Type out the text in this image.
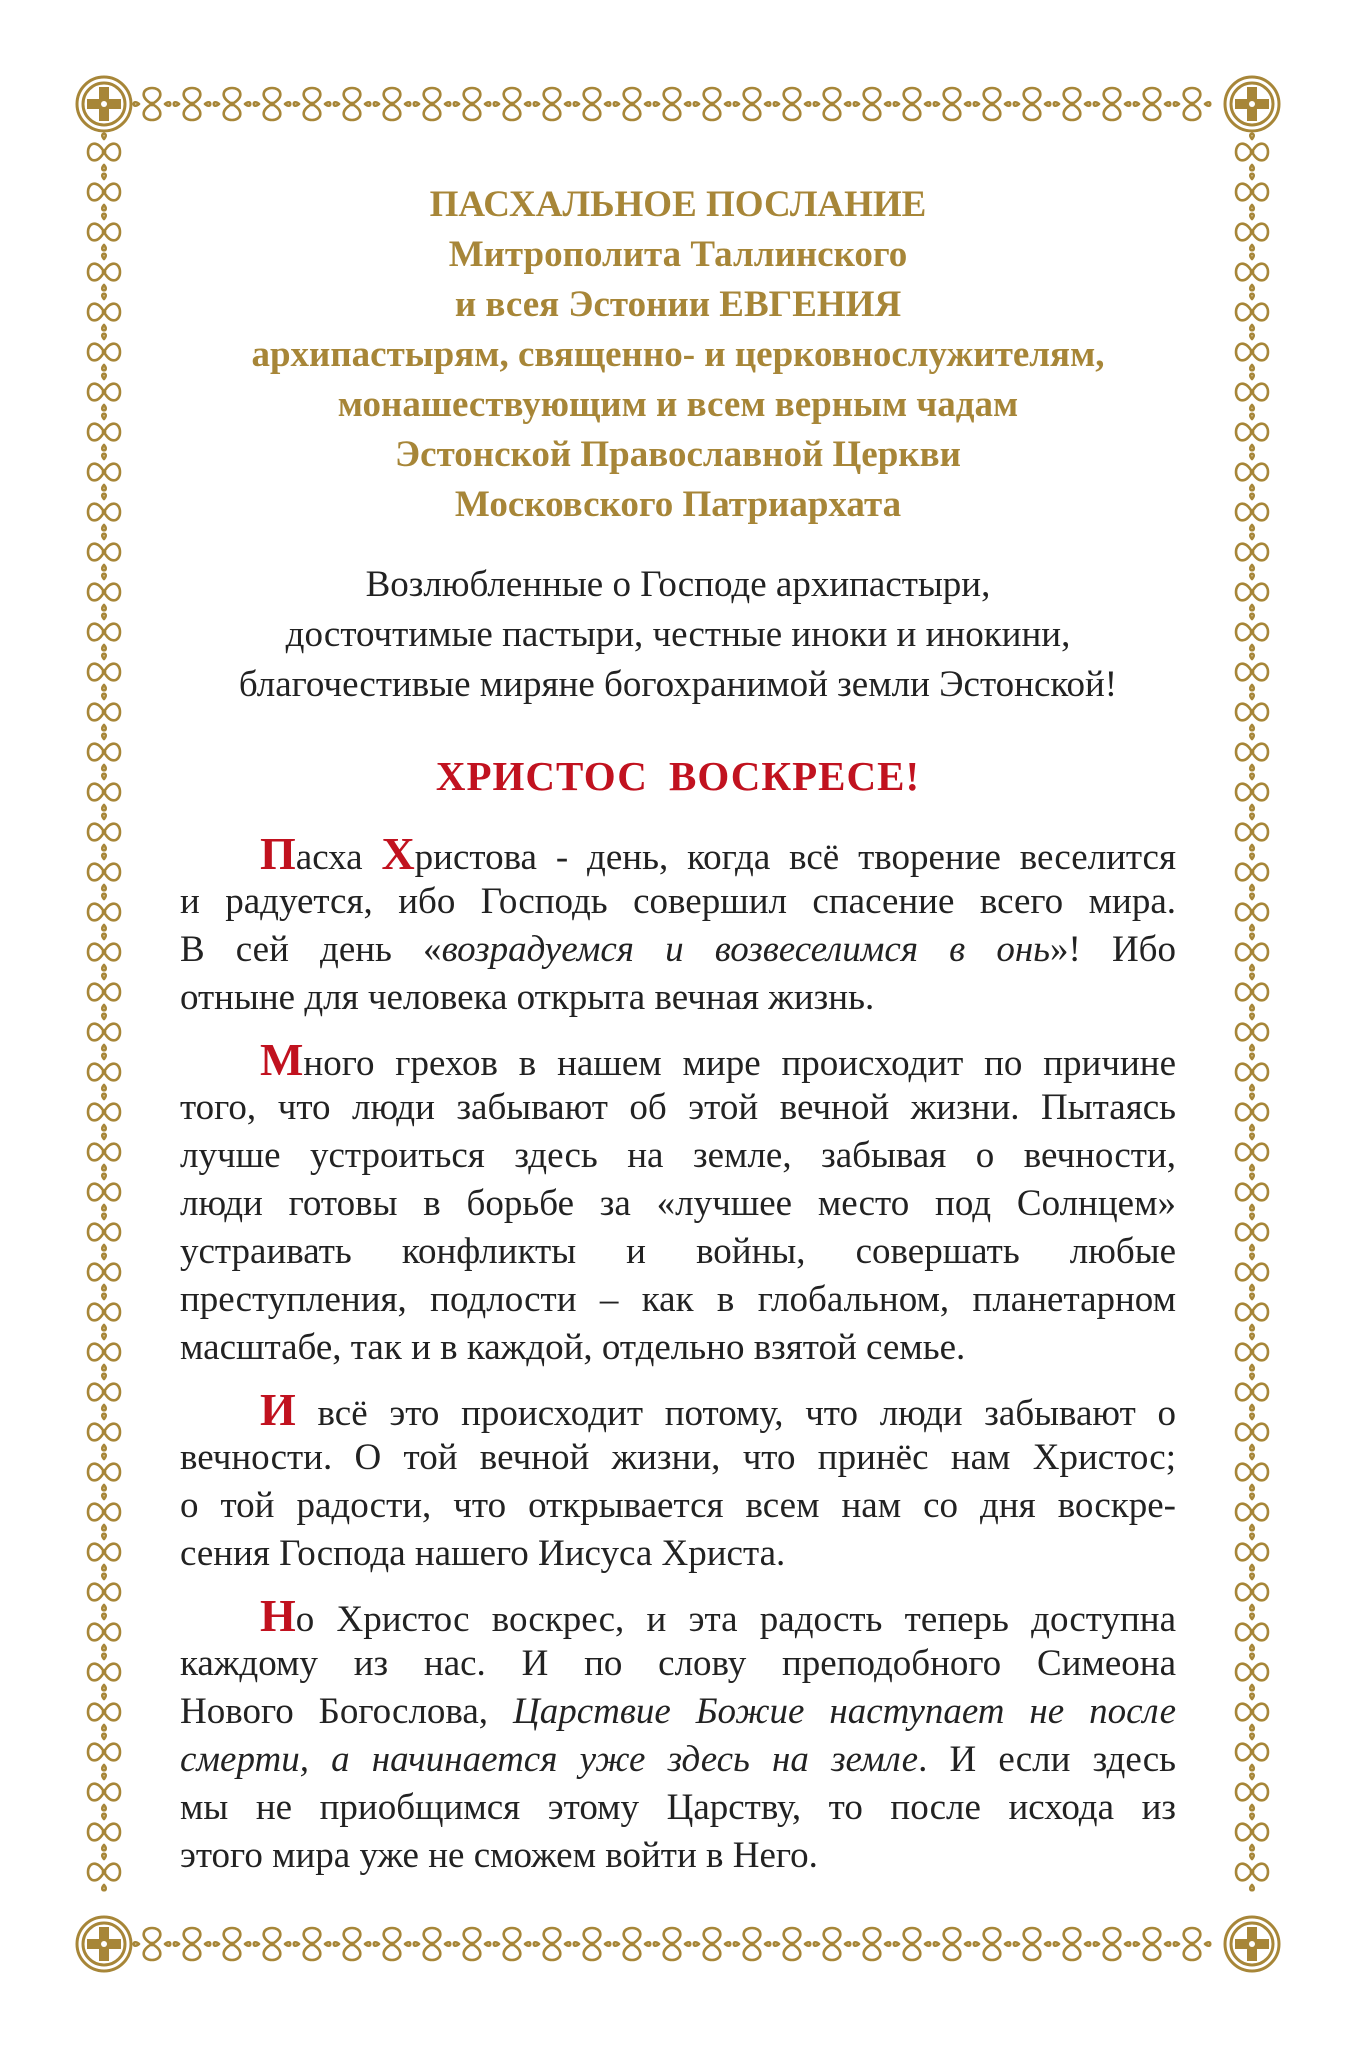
ПАСХАЛЬНОЕ ПОСЛАНИЕ
Митрополита Таллинского
и всея Эстонии ЕВГЕНИЯ
архипастырям, священно- и церковнослужителям,
монашествующим и всем верным чадам
Эстонской Православной Церкви
Московского Патриархата
Возлюбленные о Господе архипастыри,
досточтимые пастыри, честные иноки и инокини,
благочестивые миряне богохранимой земли Эстонской!
ХРИСТОС ВОСКРЕСЕ!
Пасха Христова - день, когда всё творение веселится
и радуется, ибо Господь совершил спасение всего мира.
В сей день «возрадуемся и возвеселимся в онь»! Ибо
отныне для человека открыта вечная жизнь.
Много грехов в нашем мире происходит по причине
того, что люди забывают об этой вечной жизни. Пытаясь
лучше устроиться здесь на земле, забывая о вечности,
люди готовы в борьбе за «лучшее место под Солнцем»
устраивать конфликты и войны, совершать любые
преступления, подлости – как в глобальном, планетарном
масштабе, так и в каждой, отдельно взятой семье.
И всё это происходит потому, что люди забывают о
вечности. О той вечной жизни, что принёс нам Христос;
о той радости, что открывается всем нам со дня воскре-
сения Господа нашего Иисуса Христа.
Но Христос воскрес, и эта радость теперь доступна
каждому из нас. И по слову преподобного Симеона
Нового Богослова, Царствие Божие наступает не после
смерти, а начинается уже здесь на земле. И если здесь
мы не приобщимся этому Царству, то после исхода из
этого мира уже не сможем войти в Него.
